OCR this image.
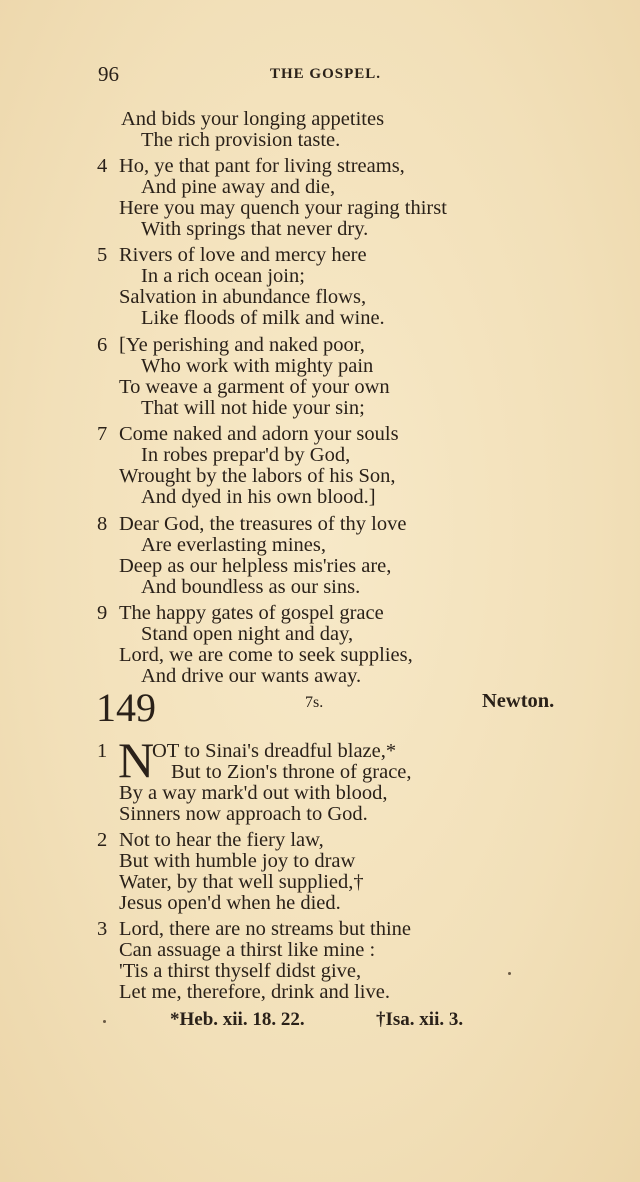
96	THE GOSPEL.
And bids your longing appetites
The rich provision taste.
4 Ho, ye that pant for living streams,
And pine away and die,
Here you may quench your raging thirst
With springs that never dry.
5 Rivers of love and mercy here
In a rich ocean join;
Salvation in abundance flows,
Like floods of milk and wine.
6 [Ye perishing and naked poor,
Who work with mighty pain
To weave a garment of your own
That will not hide your sin;
7 Come naked and adorn your souls
In robes prepar'd by God,
Wrought by the labors of his Son,
And dyed in his own blood.]
8 Dear God, the treasures of thy love
Are everlasting mines,
Deep as our helpless mis'ries are,
And boundless as our sins.
9 The happy gates of gospel grace
Stand open night and day,
Lord, we are come to seek supplies,
And drive our wants away.
149	7s.	Newton.
1 N
OT to Sinai's dreadful blaze,*
But to Zion's throne of grace,
By a way mark'd out with blood,
Sinners now approach to God.
2 Not to hear the fiery law,
But with humble joy to draw
Water, by that well supplied,†
Jesus open'd when he died.
3 Lord, there are no streams but thine
Can assuage a thirst like mine :
'Tis a thirst thyself didst give,
Let me, therefore, drink and live.
*Heb. xii. 18. 22.	†Isa. xii. 3.
